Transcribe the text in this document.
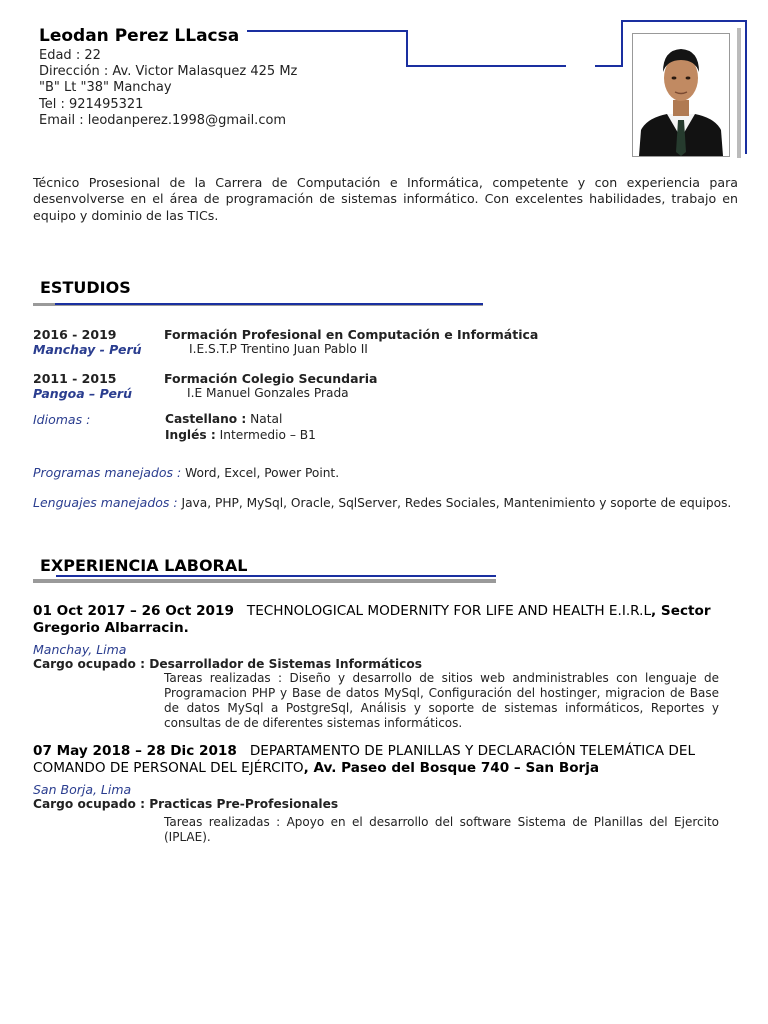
Leodan Perez LLacsa
Edad : 22
Dirección : Av. Victor Malasquez 425 Mz
"B" Lt "38" Manchay
Tel : 921495321
Email : leodanperez.1998@gmail.com
Técnico Prosesional de la Carrera de Computación e Informática, competente y con experiencia para desenvolverse en el área de programación de sistemas informático. Con excelentes habilidades, trabajo en equipo y dominio de las TICs.
ESTUDIOS
2016 - 2019
Manchay - Perú
Formación Profesional en Computación e Informática
I.E.S.T.P Trentino Juan Pablo II
2011 - 2015
Pangoa – Perú
Formación Colegio Secundaria
I.E Manuel Gonzales Prada
Idiomas :	Castellano : Natal
Inglés : Intermedio – B1
Programas manejados : Word, Excel, Power Point.
Lenguajes manejados : Java, PHP, MySql, Oracle, SqlServer, Redes Sociales, Mantenimiento y soporte de equipos.
EXPERIENCIA LABORAL
01 Oct 2017 – 26 Oct 2019 TECHNOLOGICAL MODERNITY FOR LIFE AND HEALTH E.I.R.L, Sector Gregorio Albarracin.
Manchay, Lima
Cargo ocupado : Desarrollador de Sistemas Informáticos
Tareas realizadas : Diseño y desarrollo de sitios web andministrables con lenguaje de Programacion PHP y Base de datos MySql, Configuración del hostinger, migracion de Base de datos MySql a PostgreSql, Análisis y soporte de sistemas informáticos, Reportes y consultas de de diferentes sistemas informáticos.
07 May 2018 – 28 Dic 2018 DEPARTAMENTO DE PLANILLAS Y DECLARACIÓN TELEMÁTICA DEL COMANDO DE PERSONAL DEL EJÉRCITO, Av. Paseo del Bosque 740 – San Borja
San Borja, Lima
Cargo ocupado : Practicas Pre-Profesionales
Tareas realizadas : Apoyo en el desarrollo del software Sistema de Planillas del Ejercito (IPLAE).
